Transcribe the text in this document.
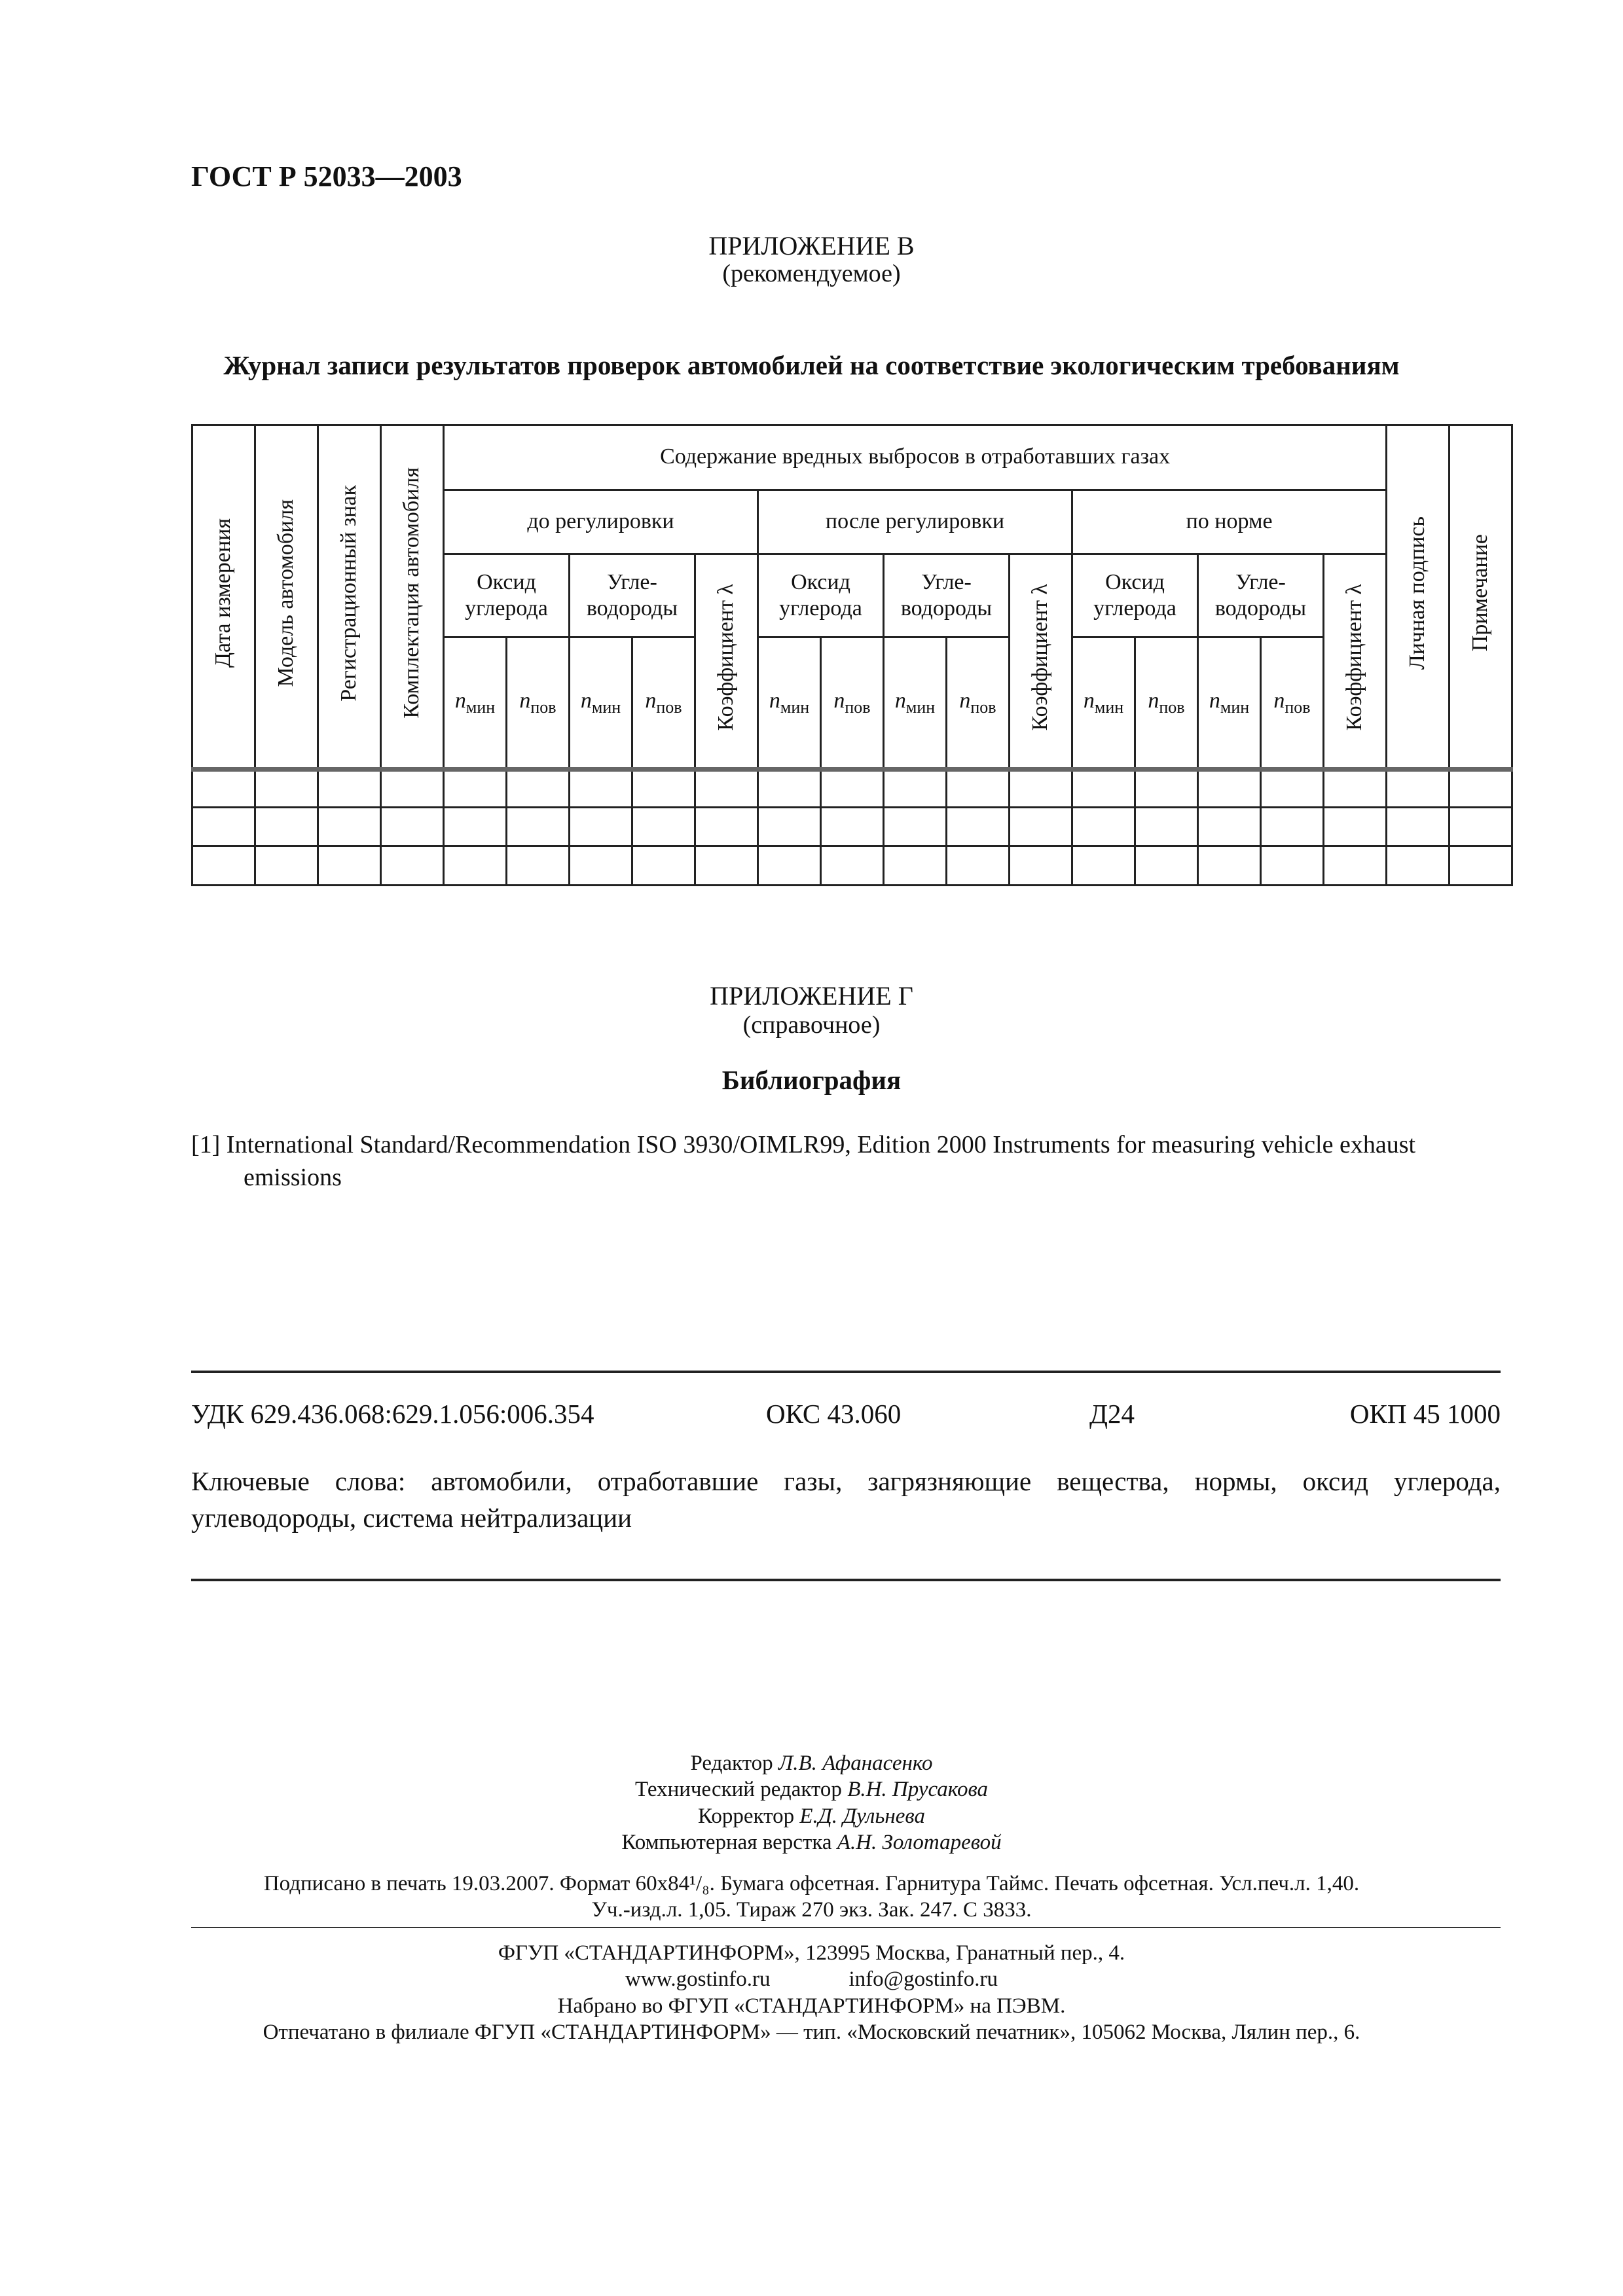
ГОСТ Р 52033—2003
ПРИЛОЖЕНИЕ В
(рекомендуемое)
Журнал записи результатов проверок автомобилей на соответствие экологическим требованиям
Дата измерения	Модель автомобиля	Регистрационный знак	Комплектация автомобиля	Содержание вредных выбросов в отработавших газах															Личная подпись	Примечание
				до регулировки					после регулировки					по норме						
				Оксид углерода		Угле-водороды		Коэффициент λ	Оксид углерода		Угле-водороды		Коэффициент λ	Оксид углерода		Угле-водороды		Коэффициент λ		
				$n_{мин}$	$n_{пов}$	$n_{мин}$	$n_{пов}$		$n_{мин}$	$n_{пов}$	$n_{мин}$	$n_{пов}$		$n_{мин}$	$n_{пов}$	$n_{мин}$	$n_{пов}$

ПРИЛОЖЕНИЕ Г
(справочное)
Библиография
[1] International Standard/Recommendation ISO 3930/OIMLR99, Edition 2000 Instruments for measuring vehicle exhaust emissions
УДК 629.436.068:629.1.056:006.354	ОКС 43.060	Д24	ОКП 45 1000
Ключевые слова: автомобили, отработавшие газы, загрязняющие вещества, нормы, оксид углерода, углеводороды, система нейтрализации
Редактор Л.В. Афанасенко
Технический редактор В.Н. Прусакова
Корректор Е.Д. Дульнева
Компьютерная верстка А.Н. Золотаревой
Подписано в печать 19.03.2007. Формат 60x84¹/₈. Бумага офсетная. Гарнитура Таймс. Печать офсетная. Усл.печ.л. 1,40.
Уч.-изд.л. 1,05. Тираж 270 экз. Зак. 247. С 3833.
ФГУП «СТАНДАРТИНФОРМ», 123995 Москва, Гранатный пер., 4.
www.gostinfo.ru	info@gostinfo.ru
Набрано во ФГУП «СТАНДАРТИНФОРМ» на ПЭВМ.
Отпечатано в филиале ФГУП «СТАНДАРТИНФОРМ» — тип. «Московский печатник», 105062 Москва, Лялин пер., 6.
